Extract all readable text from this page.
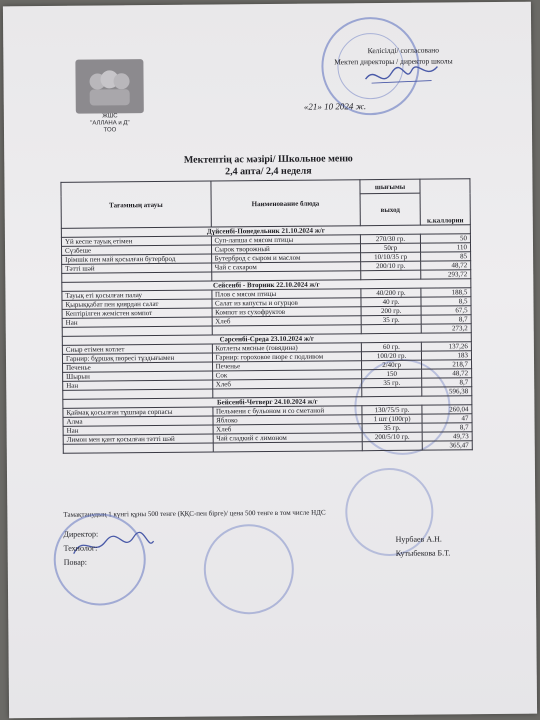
ЖШС
"АЛЛАНА и Д"
ТОО
Келісілді/ согласовано
Мектеп директоры / директор школы
«21» 10 2024 ж.
Мектептің ас мәзірі/ Школьное меню
2,4 апта/ 2,4 неделя
Тағамның атауы	Наименование блюда	шығымы	к.каллории
		выход	
Дүйсенбі-Понедельник 21.10.2024 ж/г			
Үй кеспе тауық етімен	Суп-лапша с мясом птицы	270/30 гр.	50
Сүзбеше	Сырок творожный	50гр	110
Ірімшік пен май қосылған бутерброд	Бутерброд с сыром и маслом	10/10/35 гр	85
Тәтті шәй	Чай с сахаром	200/10 гр.	48,72
			293,72
Сейсенбі - Вторник 22.10.2024 ж/г			
Тауық еті қосылған палау	Плов с мясом птицы	40/200 гр.	188,5
Қырыққабат пен қиярдан салат	Салат из капусты и огурцов	40 гр.	8,5
Кептірілген жемістен компот	Компот из сухофруктов	200 гр.	67,5
Нан	Хлеб	35 гр.	8,7
			273,2
Сәрсенбі-Среда 23.10.2024 ж/г			
Сиыр етімен котлет	Котлеты мясные (говядина)	60 гр.	137,26
Гарнир: бұршақ пюресі тұздығымен	Гарнир: гороховое пюре с подливом	100/20 гр.	183
Печенье	Печенье	2/40гр	218,7
Шырын	Сок	150	48,72
Нан	Хлеб	35 гр.	8,7
			596,38
Бейсенбі-Четверг 24.10.2024 ж/г			
Қаймақ қосылған тұшпара сорпасы	Пельмени с бульоном и со сметаной	130/75/5 гр.	260,04
Алма	Яблоко	1 шт (100гр)	47
Нан	Хлеб	35 гр.	8,7
Лимон мен қант қосылған тәтті шәй	Чай сладкий с лимоном	200/5/10 гр.	49,73
			365,47
Тамақтанудың 1 күнгі құны 500 тенге (ҚҚС-пен бірге)/ цена 500 тенге в том числе НДС
Директор:
Технолог:
Повар:
Нурбаев А.Н.
Кутыбекова Б.Т.
